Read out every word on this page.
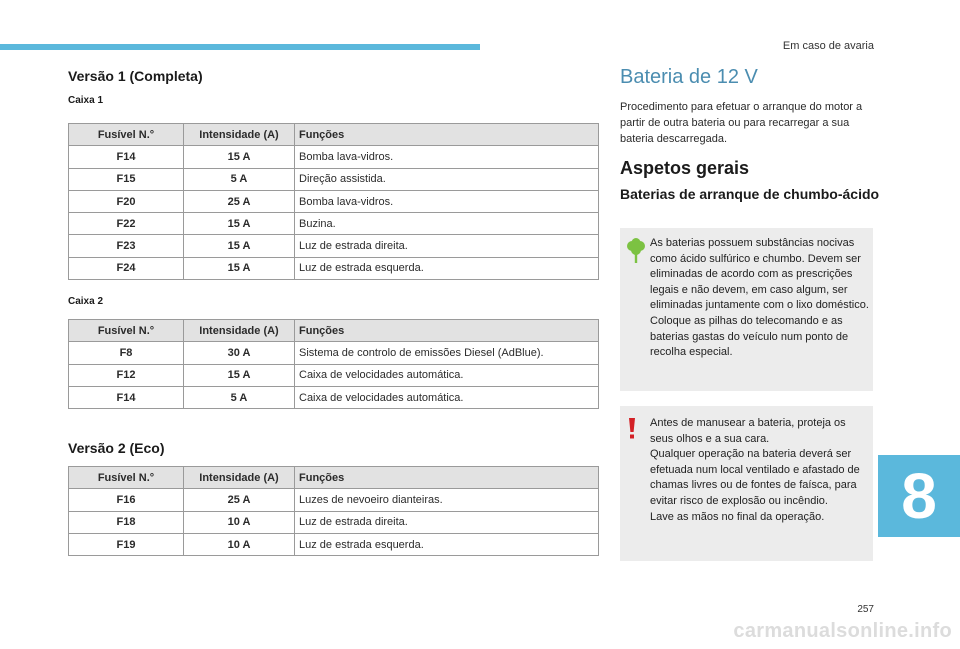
Em caso de avaria
Versão 1 (Completa)
Caixa 1
Fusível N.°	Intensidade (A)	Funções
F14	15 A	Bomba lava-vidros.
F15	5 A	Direção assistida.
F20	25 A	Bomba lava-vidros.
F22	15 A	Buzina.
F23	15 A	Luz de estrada direita.
F24	15 A	Luz de estrada esquerda.
Caixa 2
Fusível N.°	Intensidade (A)	Funções
F8	30 A	Sistema de controlo de emissões Diesel (AdBlue).
F12	15 A	Caixa de velocidades automática.
F14	5 A	Caixa de velocidades automática.
Versão 2 (Eco)
Fusível N.°	Intensidade (A)	Funções
F16	25 A	Luzes de nevoeiro dianteiras.
F18	10 A	Luz de estrada direita.
F19	10 A	Luz de estrada esquerda.
Bateria de 12 V
Procedimento para efetuar o arranque do motor a partir de outra bateria ou para recarregar a sua bateria descarregada.
Aspetos gerais
Baterias de arranque de chumbo-ácido

As baterias possuem substâncias nocivas como ácido sulfúrico e chumbo. Devem ser eliminadas de acordo com as prescrições legais e não devem, em caso algum, ser eliminadas juntamente com o lixo doméstico.

Coloque as pilhas do telecomando e as baterias gastas do veículo num ponto de recolha especial.

Antes de manusear a bateria, proteja os seus olhos e a sua cara.

Qualquer operação na bateria deverá ser efetuada num local ventilado e afastado de chamas livres ou de fontes de faísca, para evitar risco de explosão ou incêndio.

Lave as mãos no final da operação.	8
257
carmanualsonline.info
